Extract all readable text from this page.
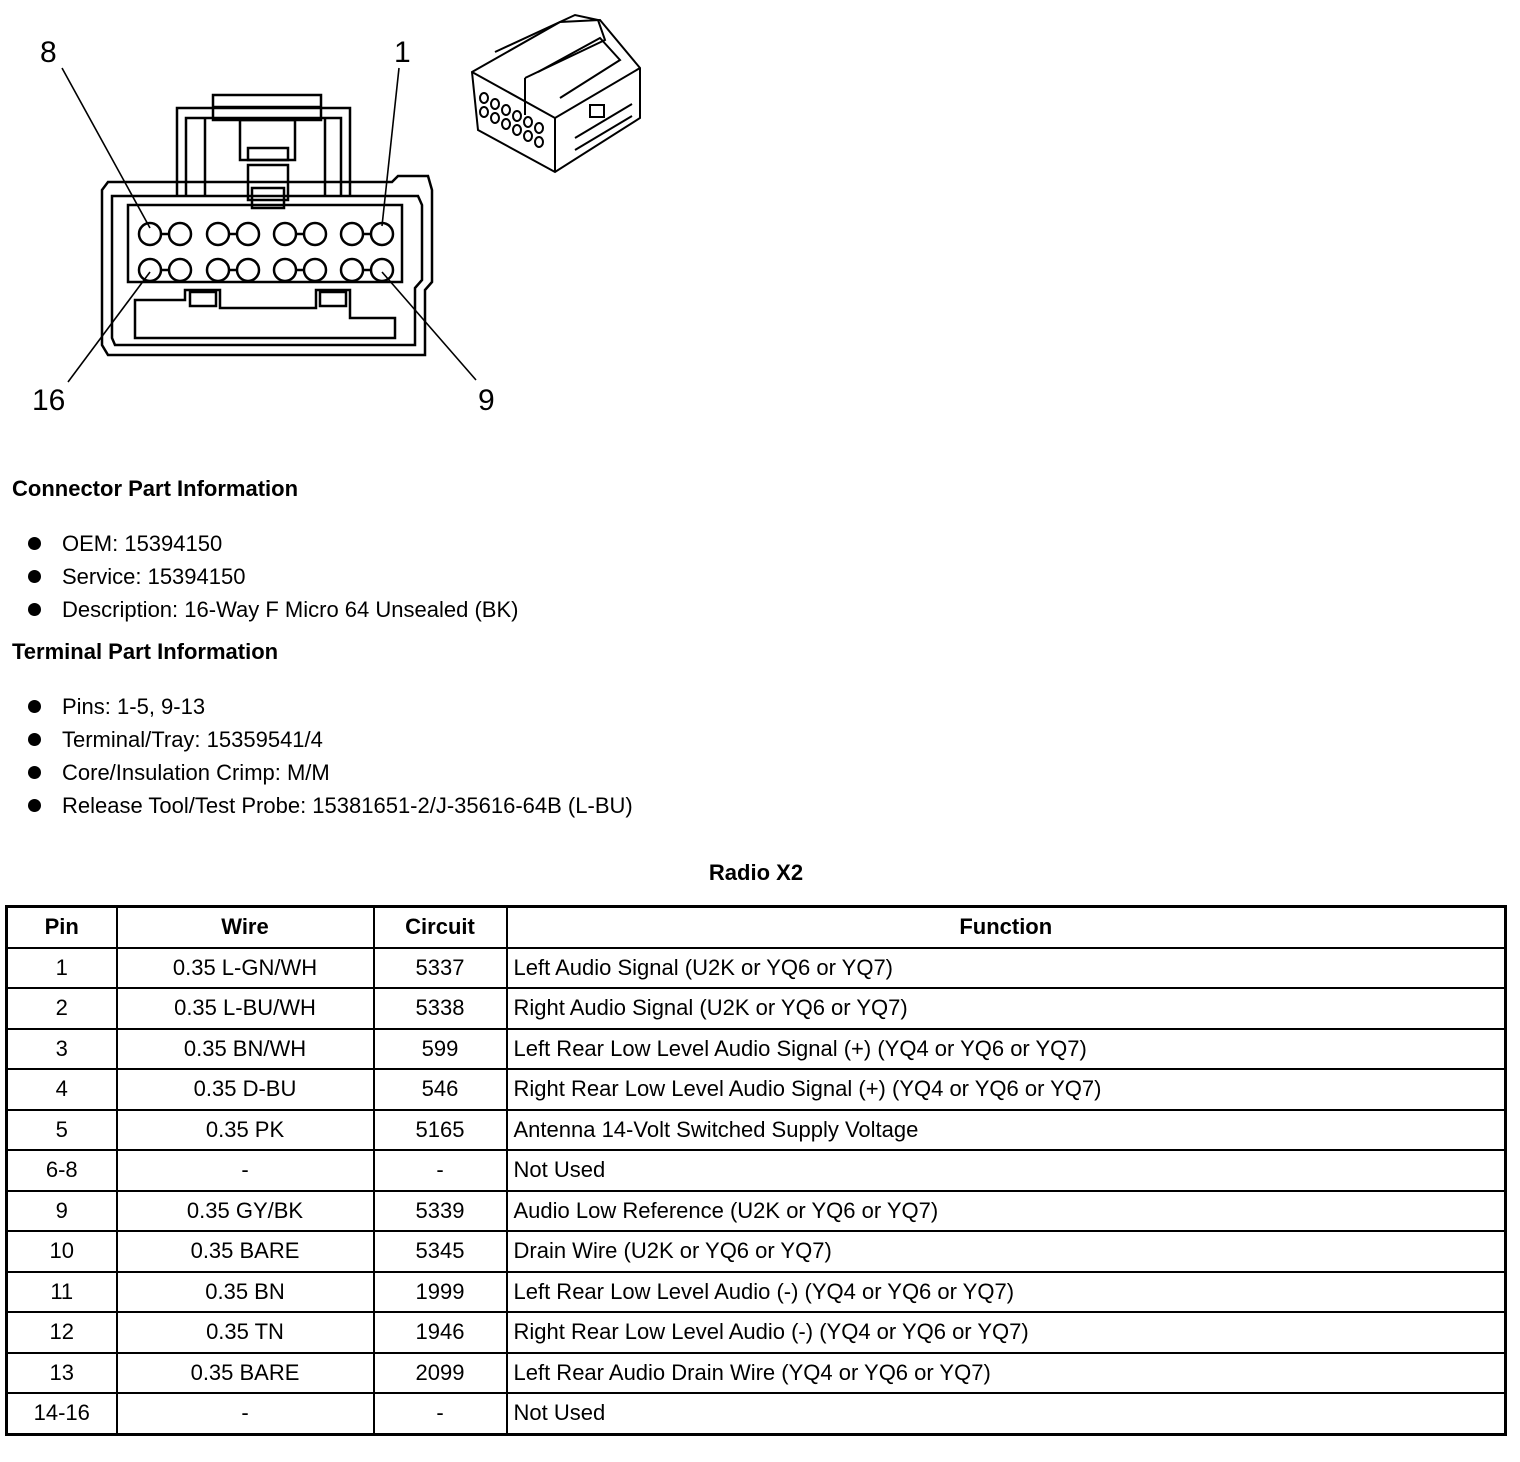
8	1
16	9
Connector Part Information
OEM: 15394150
Service: 15394150
Description: 16-Way F Micro 64 Unsealed (BK)
Terminal Part Information
Pins: 1-5, 9-13
Terminal/Tray: 15359541/4
Core/Insulation Crimp: M/M
Release Tool/Test Probe: 15381651-2/J-35616-64B (L-BU)
Radio X2
Pin	Wire	Circuit	Function
1	0.35 L-GN/WH	5337	Left Audio Signal (U2K or YQ6 or YQ7)
2	0.35 L-BU/WH	5338	Right Audio Signal (U2K or YQ6 or YQ7)
3	0.35 BN/WH	599	Left Rear Low Level Audio Signal (+) (YQ4 or YQ6 or YQ7)
4	0.35 D-BU	546	Right Rear Low Level Audio Signal (+) (YQ4 or YQ6 or YQ7)
5	0.35 PK	5165	Antenna 14-Volt Switched Supply Voltage
6-8	-	-	Not Used
9	0.35 GY/BK	5339	Audio Low Reference (U2K or YQ6 or YQ7)
10	0.35 BARE	5345	Drain Wire (U2K or YQ6 or YQ7)
11	0.35 BN	1999	Left Rear Low Level Audio (-) (YQ4 or YQ6 or YQ7)
12	0.35 TN	1946	Right Rear Low Level Audio (-) (YQ4 or YQ6 or YQ7)
13	0.35 BARE	2099	Left Rear Audio Drain Wire (YQ4 or YQ6 or YQ7)
14-16	-	-	Not Used
